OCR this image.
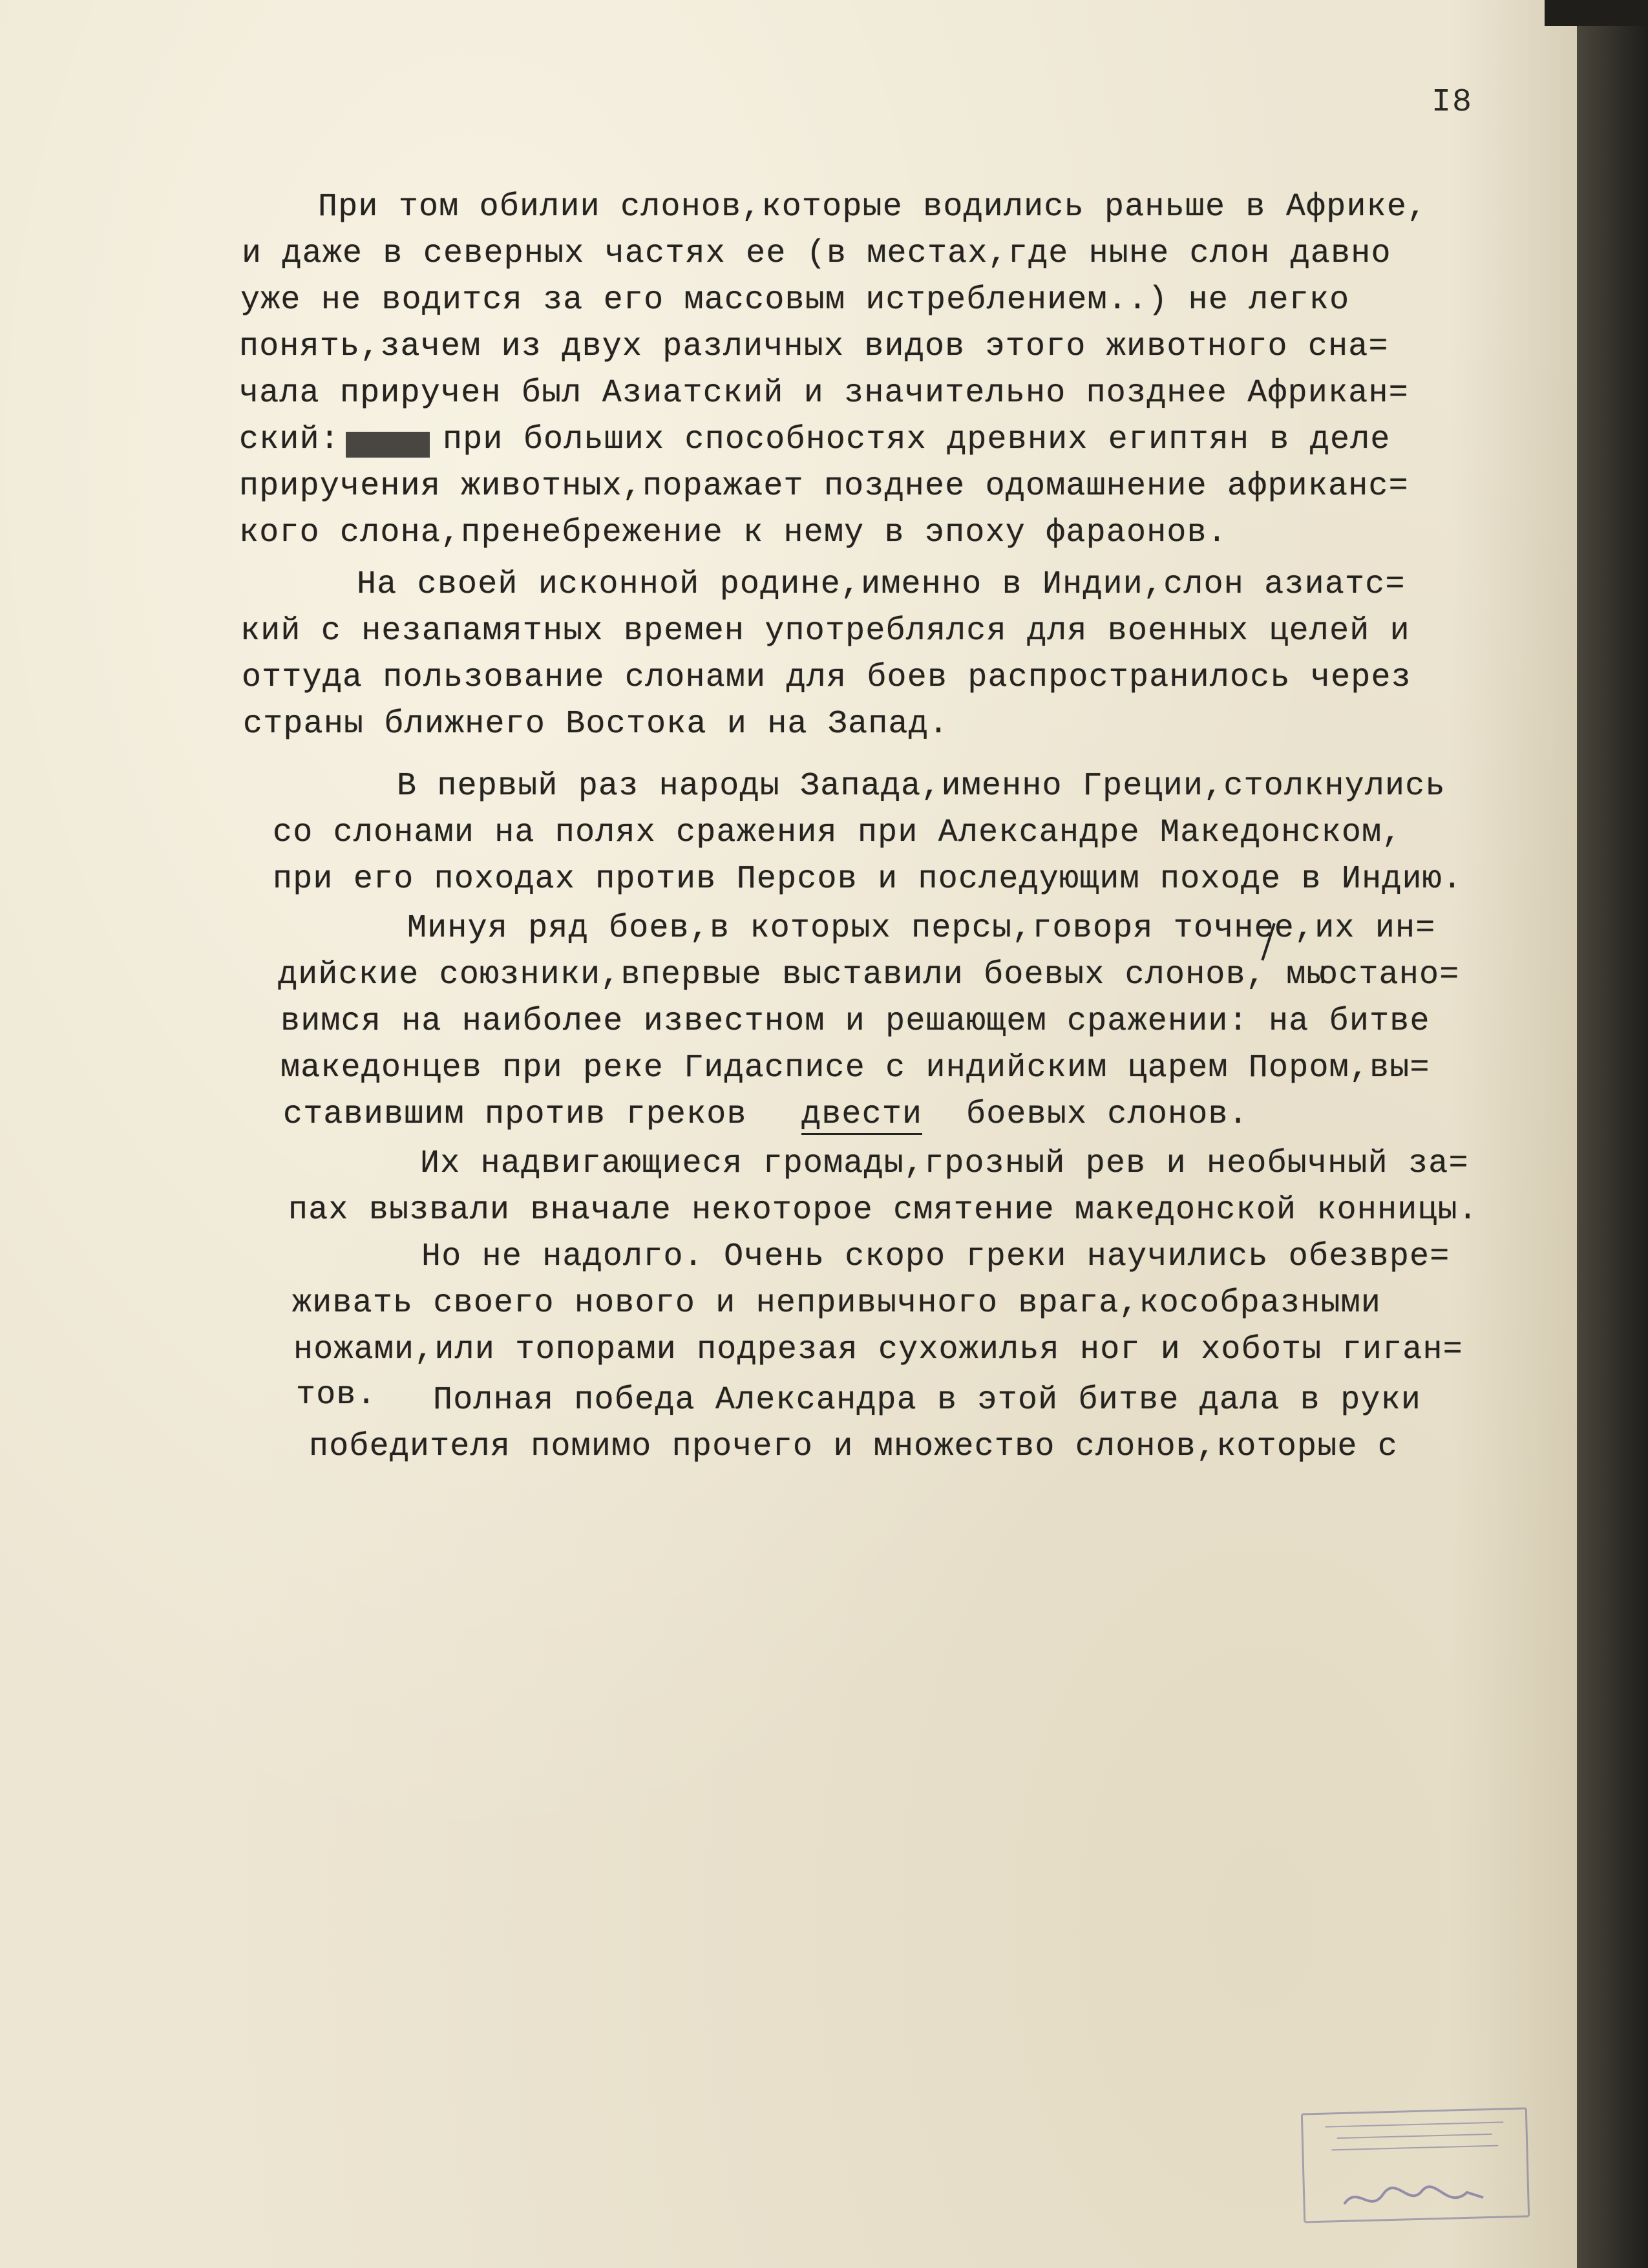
I8
При том обилии слонов,которые водились раньше в Африке,
и даже в северных частях ее (в местах,где ныне слон давно
уже не водится за его массовым истреблением..) не легко
понять,зачем из двух различных видов этого животного сна=
чала приручен был Азиатский и значительно позднее Африкан=

ский:

	при больших способностях древних египтян в деле

приручения животных,поражает позднее одомашнение африканс=
кого слона,пренебрежение к нему в эпоху фараонов.
На своей исконной родине,именно в Индии,слон азиатс=
кий с незапамятных времен употреблялся для военных целей и
оттуда пользование слонами для боев распространилось через
страны ближнего Востока и на Запад.
В первый раз народы Запада,именно Греции,столкнулись
со слонами на полях сражения при Александре Македонском,
при его походах против Персов и последующим походе в Индию.
Минуя ряд боев,в которых персы,говоря точнее,их ин=

дийские союзники,впервые выставили боевых слонов, мы

остано=

вимся на наиболее известном и решающем сражении: на битве
македонцев при реке Гидасписе с индийским царем Пором,вы=

ставившим против греков

двести

боевых слонов.

Их надвигающиеся громады,грозный рев и необычный за=
пах вызвали вначале некоторое смятение македонской конницы.
Но не надолго. Очень скоро греки научились обезвре=
живать своего нового и непривычного врага,кособразными
ножами,или топорами подрезая сухожилья ног и хоботы гиган=
тов. Полная победа Александра в этой битве дала в руки
победителя помимо прочего и множество слонов,которые с
